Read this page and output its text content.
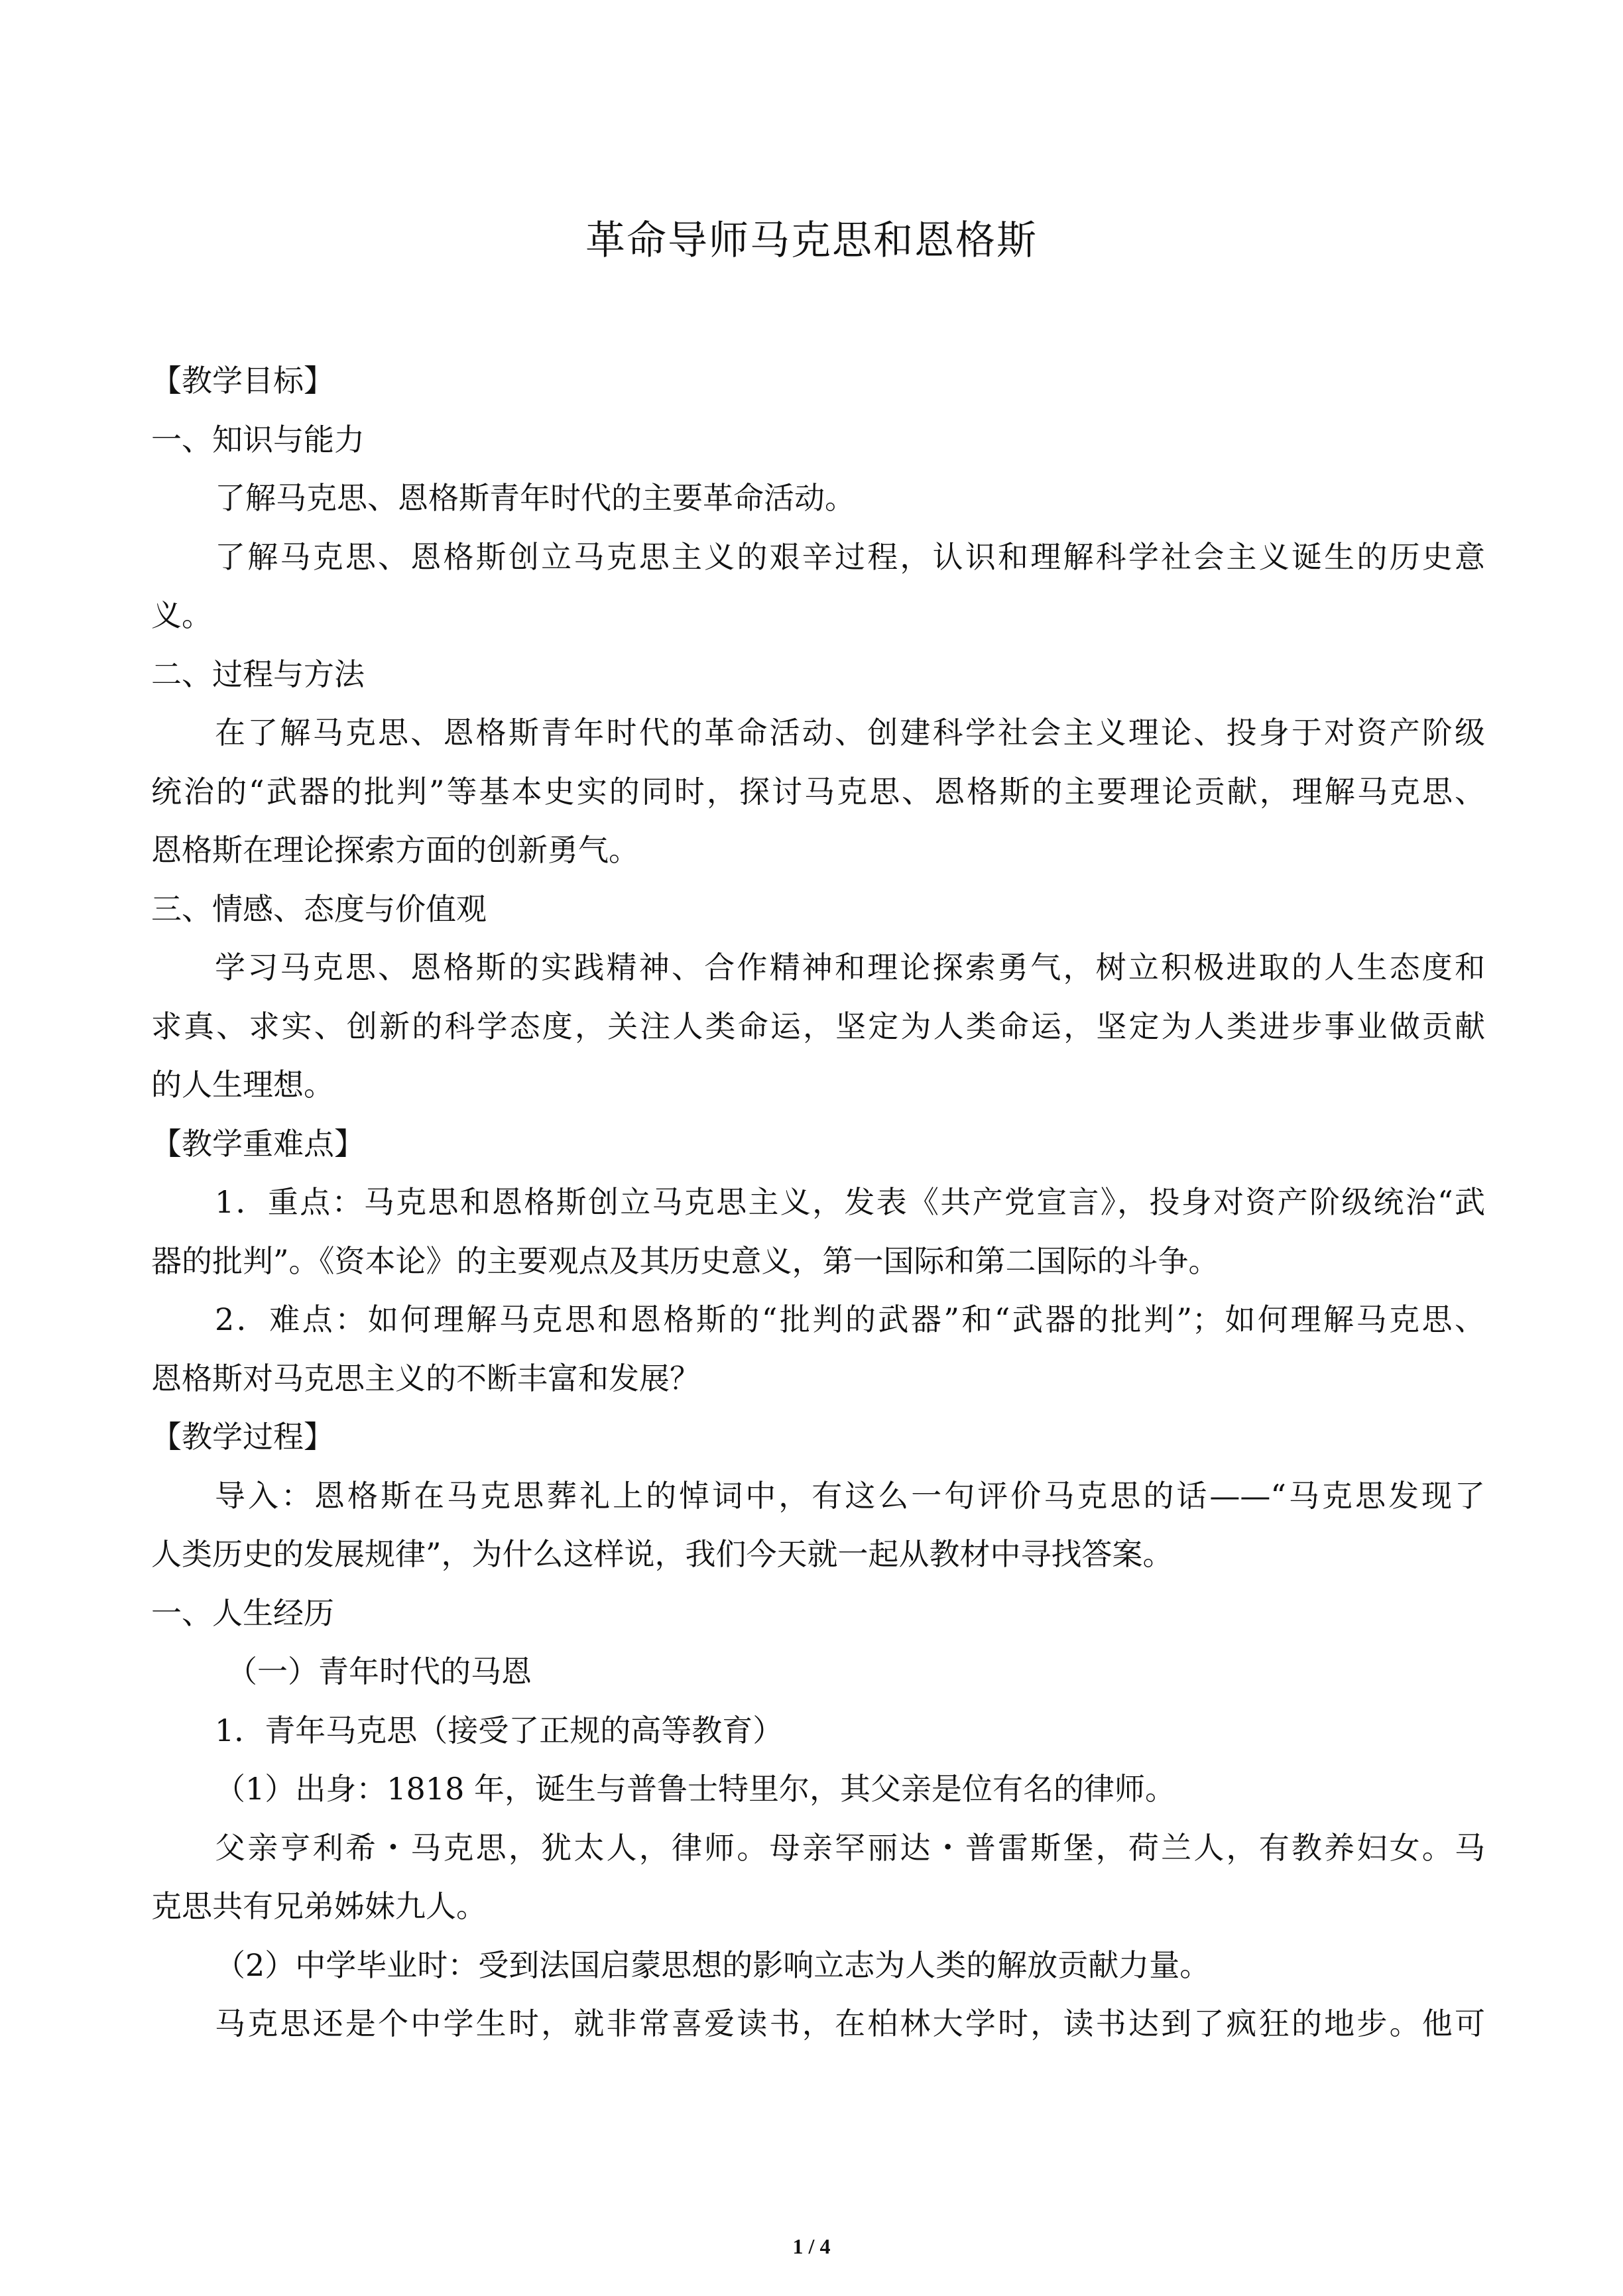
革命导师马克思和恩格斯
【教学目标】
一、知识与能力
了解马克思、恩格斯青年时代的主要革命活动。
了解马克思、恩格斯创立马克思主义的艰辛过程，认识和理解科学社会主义诞生的历史意
义。
二、过程与方法
在了解马克思、恩格斯青年时代的革命活动、创建科学社会主义理论、投身于对资产阶级
统治的“武器的批判”等基本史实的同时，探讨马克思、恩格斯的主要理论贡献，理解马克思、
恩格斯在理论探索方面的创新勇气。
三、情感、态度与价值观
学习马克思、恩格斯的实践精神、合作精神和理论探索勇气，树立积极进取的人生态度和
求真、求实、创新的科学态度，关注人类命运，坚定为人类命运，坚定为人类进步事业做贡献
的人生理想。
【教学重难点】
1．重点：马克思和恩格斯创立马克思主义，发表《共产党宣言》，投身对资产阶级统治“武
器的批判”。《资本论》的主要观点及其历史意义，第一国际和第二国际的斗争。
2．难点：如何理解马克思和恩格斯的“批判的武器”和“武器的批判”；如何理解马克思、
恩格斯对马克思主义的不断丰富和发展？
【教学过程】
导入：恩格斯在马克思葬礼上的悼词中，有这么一句评价马克思的话——“马克思发现了
人类历史的发展规律”，为什么这样说，我们今天就一起从教材中寻找答案。
一、人生经历
（一）青年时代的马恩
1．青年马克思（接受了正规的高等教育）
（1）出身：1818 年，诞生与普鲁士特里尔，其父亲是位有名的律师。
父亲亨利希・马克思，犹太人，律师。母亲罕丽达・普雷斯堡，荷兰人，有教养妇女。马
克思共有兄弟姊妹九人。
（2）中学毕业时：受到法国启蒙思想的影响立志为人类的解放贡献力量。
马克思还是个中学生时，就非常喜爱读书，在柏林大学时，读书达到了疯狂的地步。他可
1 / 4
